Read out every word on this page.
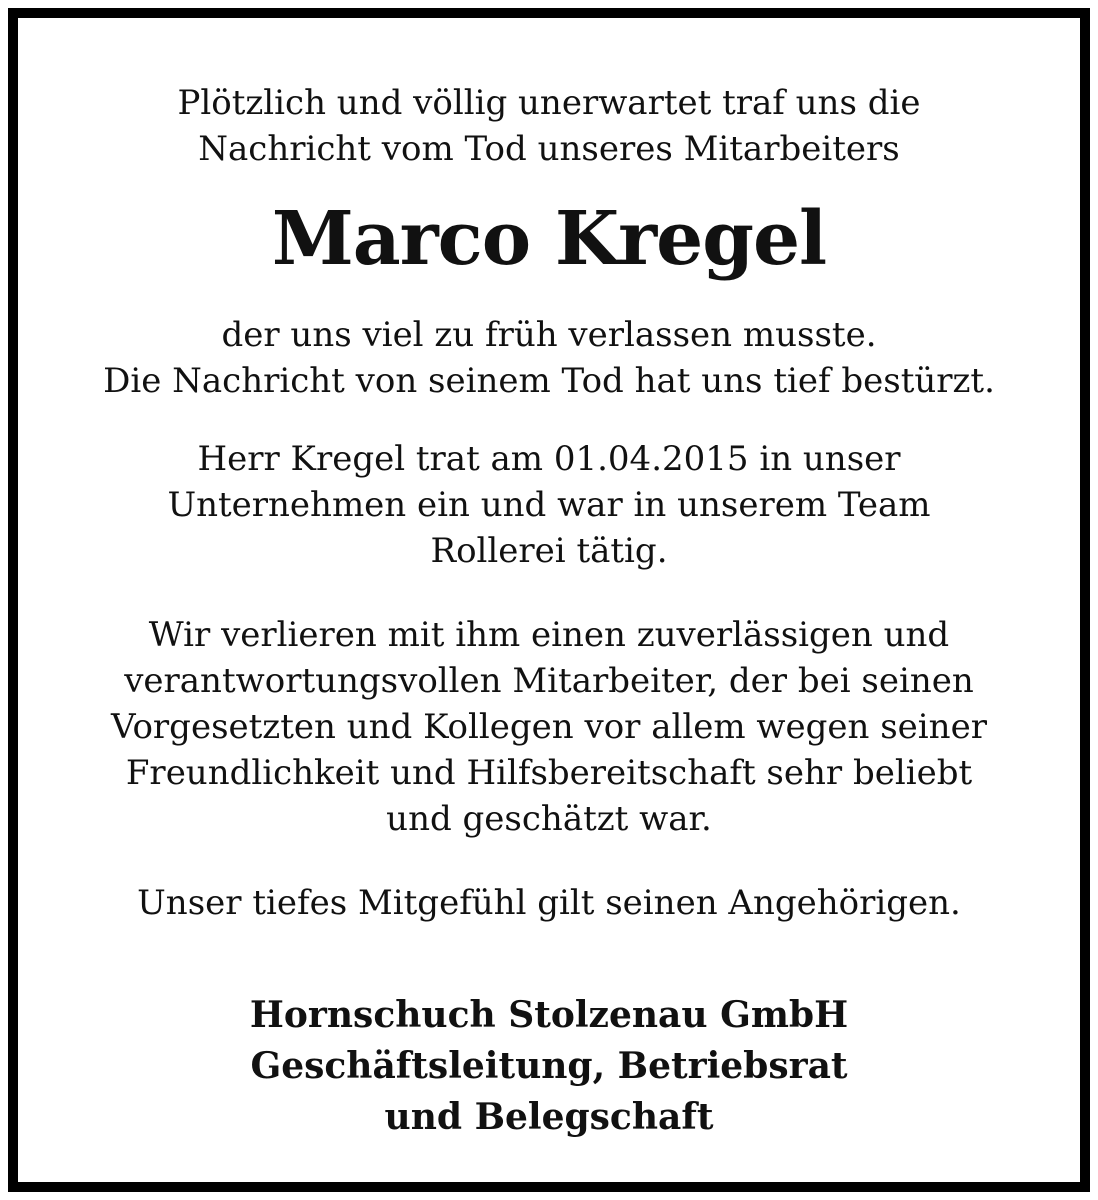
Plötzlich und völlig unerwartet traf uns die
Nachricht vom Tod unseres Mitarbeiters
Marco Kregel
der uns viel zu früh verlassen musste.
Die Nachricht von seinem Tod hat uns tief bestürzt.
Herr Kregel trat am 01.04.2015 in unser
Unternehmen ein und war in unserem Team
Rollerei tätig.
Wir verlieren mit ihm einen zuverlässigen und
verantwortungsvollen Mitarbeiter, der bei seinen
Vorgesetzten und Kollegen vor allem wegen seiner
Freundlichkeit und Hilfsbereitschaft sehr beliebt
und geschätzt war.
Unser tiefes Mitgefühl gilt seinen Angehörigen.
Hornschuch Stolzenau GmbH
Geschäftsleitung, Betriebsrat
und Belegschaft
